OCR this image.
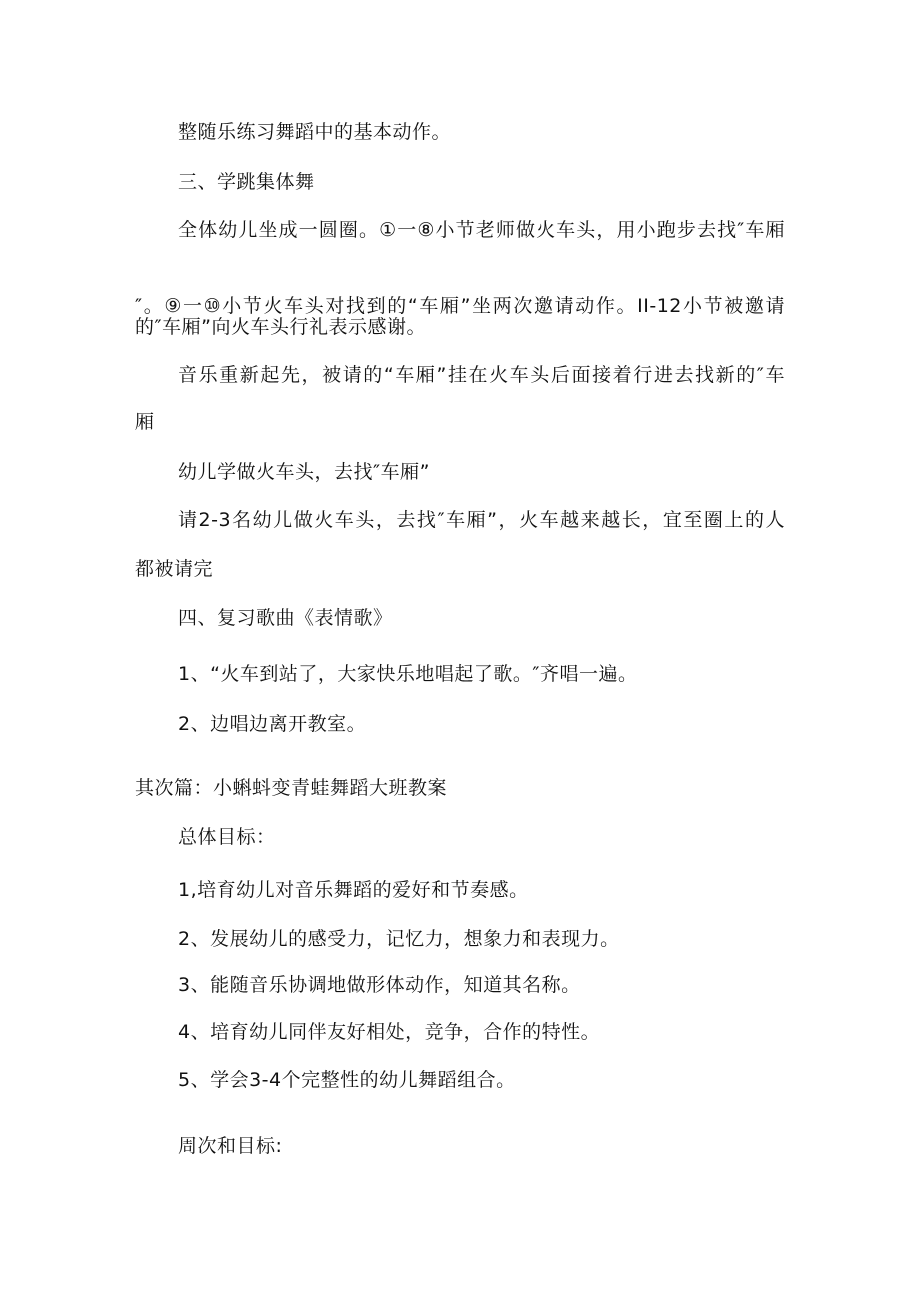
整随乐练习舞蹈中的基本动作。
三、学跳集体舞
全体幼儿坐成一圆圈。①一⑧小节老师做火车头，用小跑步去找″车厢
″。⑨一⑩小节火车头对找到的“车厢”坐两次邀请动作。II-12小节被邀请
的″车厢”向火车头行礼表示感谢。
音乐重新起先，被请的“车厢”挂在火车头后面接着行进去找新的″车
厢
幼儿学做火车头，去找″车厢”
请2-3名幼儿做火车头，去找″车厢”，火车越来越长，宜至圈上的人
都被请完
四、复习歌曲《表情歌》
1、“火车到站了，大家快乐地唱起了歌。″齐唱一遍。
2、边唱边离开教室。
其次篇：小蝌蚪变青蛙舞蹈大班教案
总体目标：
1,培育幼儿对音乐舞蹈的爱好和节奏感。
2、发展幼儿的感受力，记忆力，想象力和表现力。
3、能随音乐协调地做形体动作，知道其名称。
4、培育幼儿同伴友好相处，竞争，合作的特性。
5、学会3-4个完整性的幼儿舞蹈组合。
周次和目标:
